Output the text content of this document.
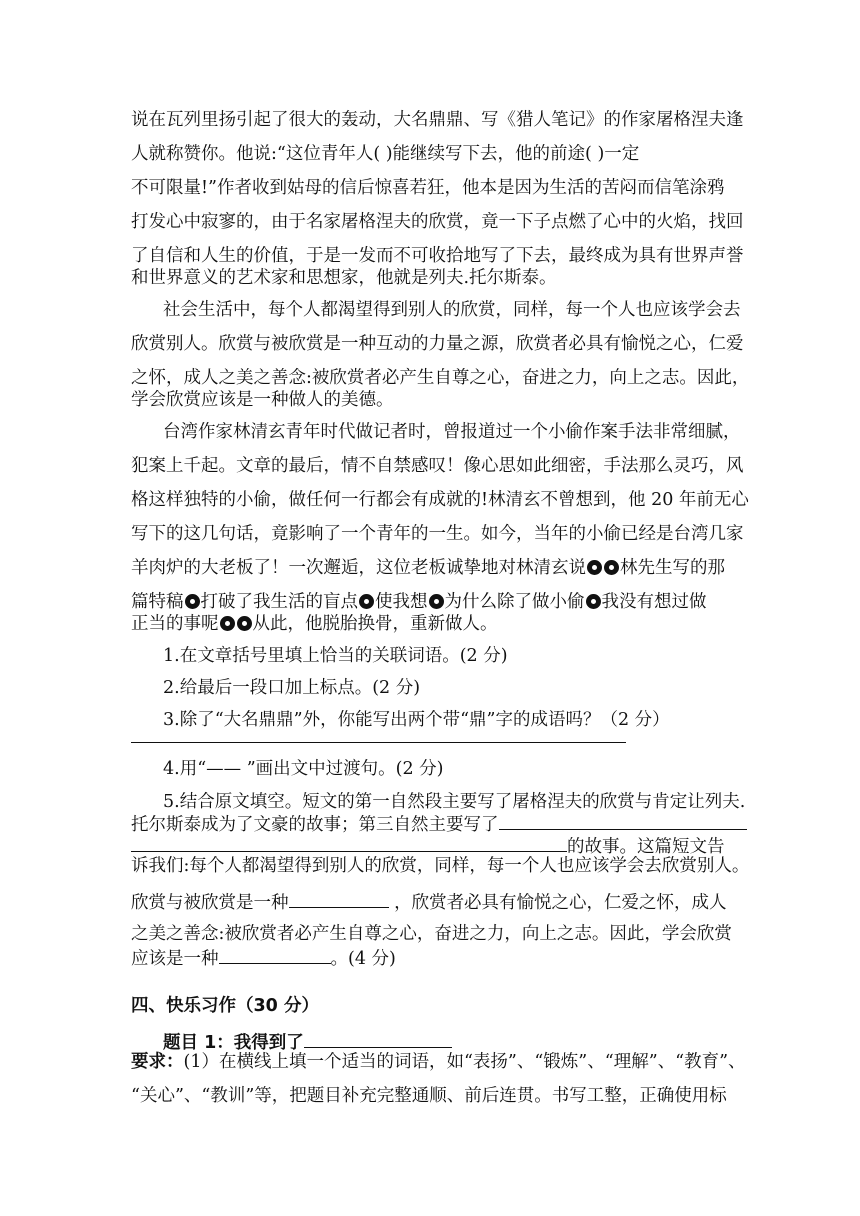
说在瓦列里扬引起了很大的轰动，大名鼎鼎、写《猎人笔记》的作家屠格涅夫逢
人就称赞你。他说:“这位青年人( )能继续写下去，他的前途( )一定
不可限量!”作者收到姑母的信后惊喜若狂，他本是因为生活的苦闷而信笔涂鸦
打发心中寂寥的，由于名家屠格涅夫的欣赏，竟一下子点燃了心中的火焰，找回
了自信和人生的价值，于是一发而不可收拾地写了下去，最终成为具有世界声誉
和世界意义的艺术家和思想家，他就是列夫.托尔斯泰。
社会生活中，每个人都渴望得到别人的欣赏，同样，每一个人也应该学会去
欣赏别人。欣赏与被欣赏是一种互动的力量之源，欣赏者必具有愉悦之心，仁爱
之怀，成人之美之善念:被欣赏者必产生自尊之心，奋进之力，向上之志。因此，
学会欣赏应该是一种做人的美德。
台湾作家林清玄青年时代做记者时，曾报道过一个小偷作案手法非常细腻，
犯案上千起。文章的最后，情不自禁感叹！像心思如此细密，手法那么灵巧，风
格这样独特的小偷，做任何一行都会有成就的!林清玄不曾想到，他 20 年前无心
写下的这几句话，竟影响了一个青年的一生。如今，当年的小偷已经是台湾几家
羊肉炉的大老板了！一次邂逅，这位老板诚挚地对林清玄说 林先生写的那
篇特稿 打破了我生活的盲点 使我想 为什么除了做小偷 我没有想过做
正当的事呢 从此，他脱胎换骨，重新做人。
1.在文章括号里填上恰当的关联词语。(2 分)
2.给最后一段口加上标点。(2 分)
3.除了“大名鼎鼎”外，你能写出两个带“鼎”字的成语吗？（2 分）
4.用“—— ”画出文中过渡句。(2 分)
5.结合原文填空。短文的第一自然段主要写了屠格涅夫的欣赏与肯定让列夫.
托尔斯泰成为了文豪的故事；第三自然主要写了
的故事。这篇短文告
诉我们:每个人都渴望得到别人的欣赏，同样，每一个人也应该学会去欣赏别人。
欣赏与被欣赏是一种	，欣赏者必具有愉悦之心，仁爱之怀，成人
之美之善念:被欣赏者必产生自尊之心，奋进之力，向上之志。因此，学会欣赏
应该是一种	。(4 分)
四、快乐习作（30 分）
题目 1：我得到了
要求：(1）在横线上填一个适当的词语，如“表扬”、“锻炼”、“理解”、“教育”、
“关心”、“教训”等，把题目补充完整通顺、前后连贯。书写工整，正确使用标
